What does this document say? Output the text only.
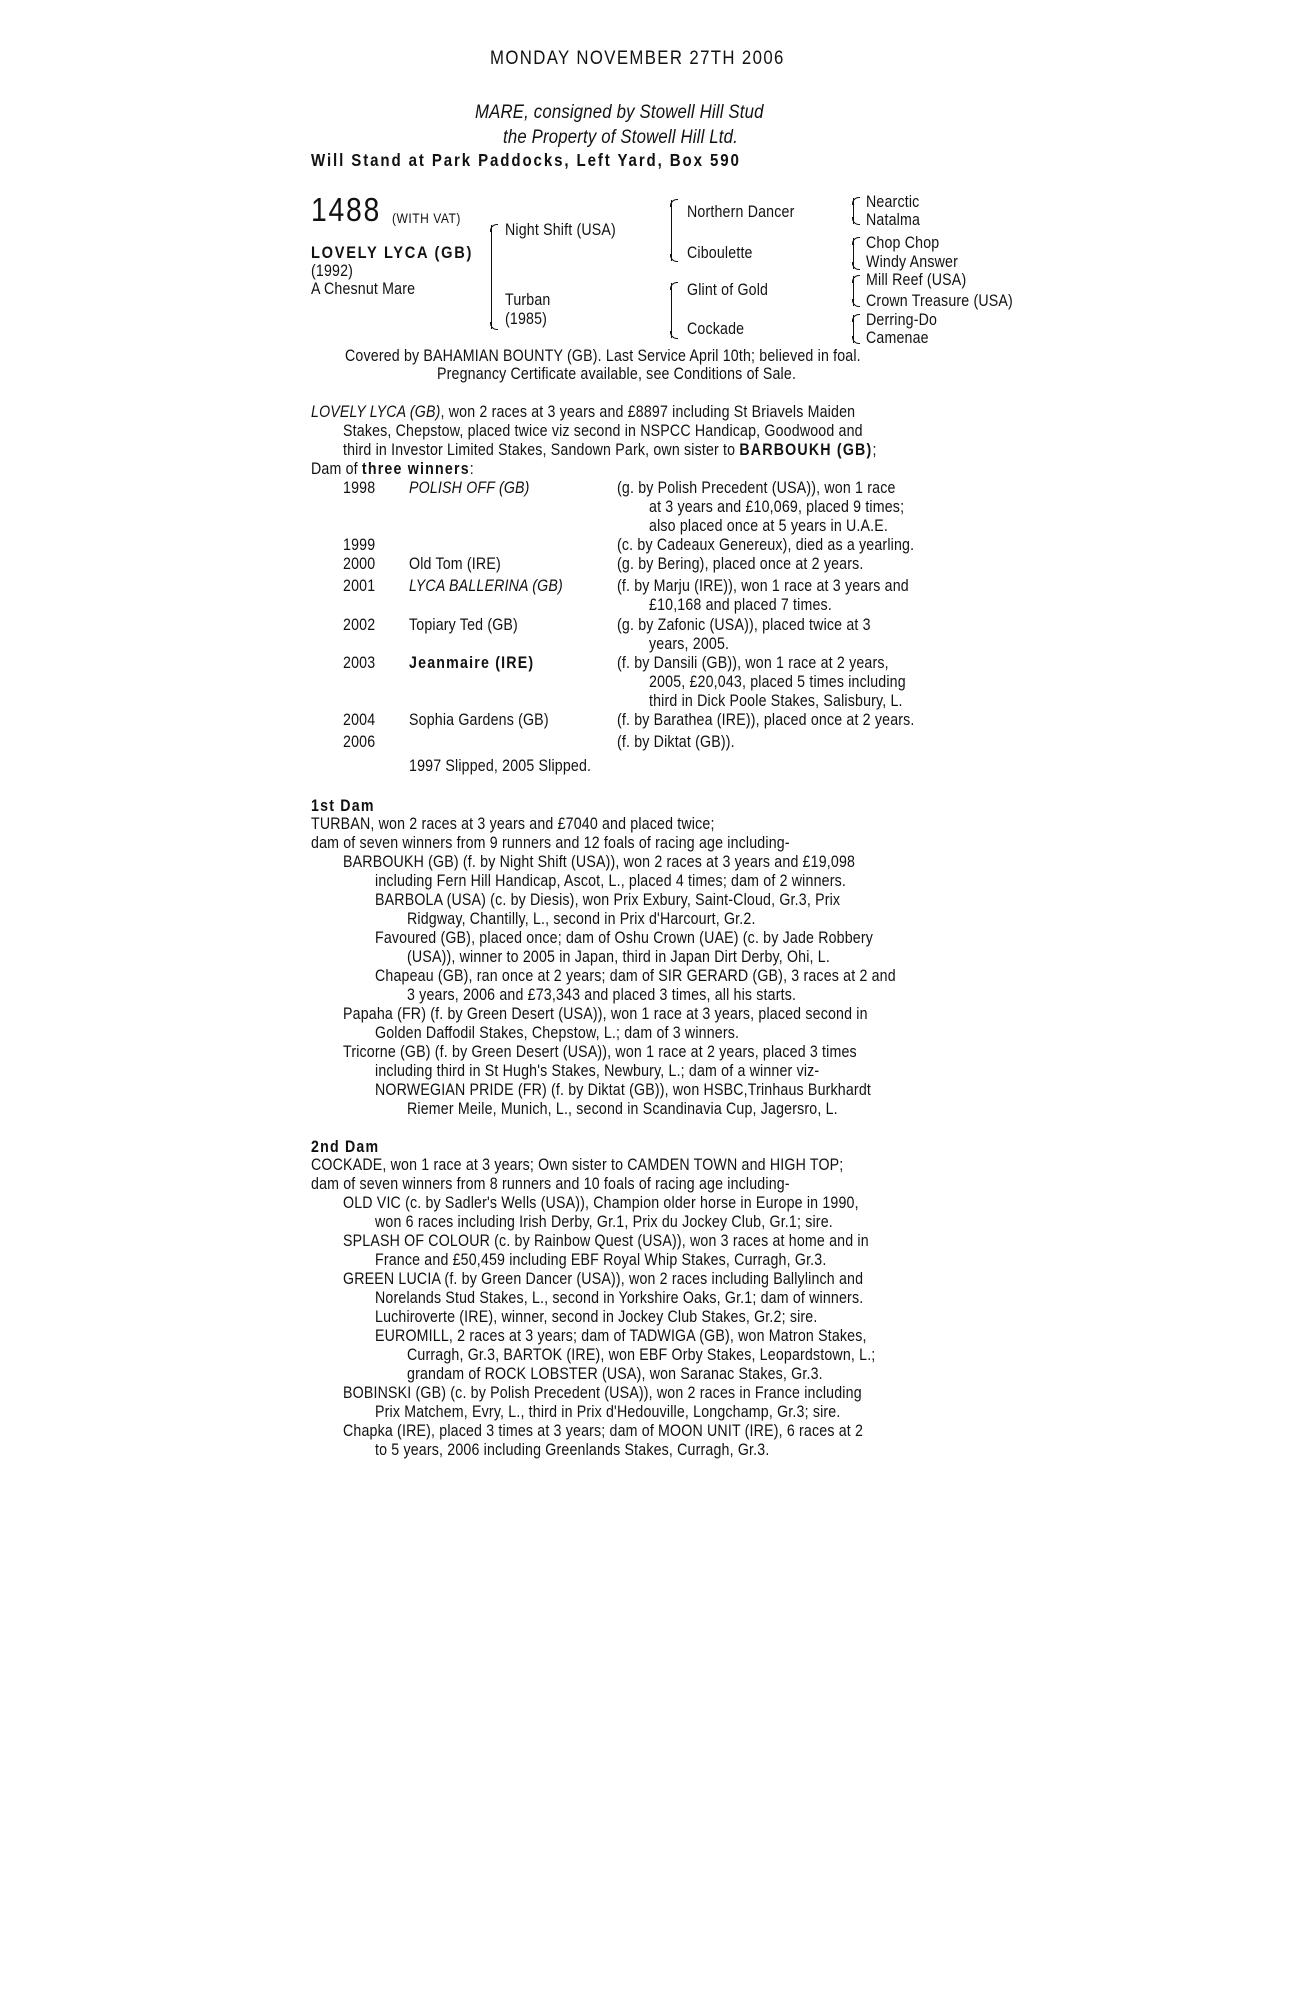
MONDAY NOVEMBER 27TH 2006
MARE, consigned by Stowell Hill Stud
the Property of Stowell Hill Ltd.
Will Stand at Park Paddocks, Left Yard, Box 590
1488 (WITH VAT)
LOVELY LYCA (GB)
(1992)
A Chesnut Mare
Night Shift (USA)
Turban
(1985)
Northern Dancer
Ciboulette
Glint of Gold
Cockade
Nearctic
Natalma
Chop Chop
Windy Answer
Mill Reef (USA)
Crown Treasure (USA)
Derring-Do
Camenae
Covered by BAHAMIAN BOUNTY (GB). Last Service April 10th; believed in foal.
Pregnancy Certificate available, see Conditions of Sale.
LOVELY LYCA (GB), won 2 races at 3 years and £8897 including St Briavels Maiden
Stakes, Chepstow, placed twice viz second in NSPCC Handicap, Goodwood and
third in Investor Limited Stakes, Sandown Park, own sister to BARBOUKH (GB);
Dam of three winners:
1998 POLISH OFF (GB)	(g. by Polish Precedent (USA)), won 1 race
at 3 years and £10,069, placed 9 times;
also placed once at 5 years in U.A.E.
1999	(c. by Cadeaux Genereux), died as a yearling.
2000 Old Tom (IRE)	(g. by Bering), placed once at 2 years.
2001 LYCA BALLERINA (GB)	(f. by Marju (IRE)), won 1 race at 3 years and
£10,168 and placed 7 times.
2002 Topiary Ted (GB)	(g. by Zafonic (USA)), placed twice at 3
years, 2005.
2003 Jeanmaire (IRE)	(f. by Dansili (GB)), won 1 race at 2 years,
2005, £20,043, placed 5 times including
third in Dick Poole Stakes, Salisbury, L.
2004 Sophia Gardens (GB)	(f. by Barathea (IRE)), placed once at 2 years.
2006	(f. by Diktat (GB)).
1997 Slipped, 2005 Slipped.
1st Dam
TURBAN, won 2 races at 3 years and £7040 and placed twice;
dam of seven winners from 9 runners and 12 foals of racing age including-
BARBOUKH (GB) (f. by Night Shift (USA)), won 2 races at 3 years and £19,098
including Fern Hill Handicap, Ascot, L., placed 4 times; dam of 2 winners.
BARBOLA (USA) (c. by Diesis), won Prix Exbury, Saint-Cloud, Gr.3, Prix
Ridgway, Chantilly, L., second in Prix d'Harcourt, Gr.2.
Favoured (GB), placed once; dam of Oshu Crown (UAE) (c. by Jade Robbery
(USA)), winner to 2005 in Japan, third in Japan Dirt Derby, Ohi, L.
Chapeau (GB), ran once at 2 years; dam of SIR GERARD (GB), 3 races at 2 and
3 years, 2006 and £73,343 and placed 3 times, all his starts.
Papaha (FR) (f. by Green Desert (USA)), won 1 race at 3 years, placed second in
Golden Daffodil Stakes, Chepstow, L.; dam of 3 winners.
Tricorne (GB) (f. by Green Desert (USA)), won 1 race at 2 years, placed 3 times
including third in St Hugh's Stakes, Newbury, L.; dam of a winner viz-
NORWEGIAN PRIDE (FR) (f. by Diktat (GB)), won HSBC,Trinhaus Burkhardt
Riemer Meile, Munich, L., second in Scandinavia Cup, Jagersro, L.
2nd Dam
COCKADE, won 1 race at 3 years; Own sister to CAMDEN TOWN and HIGH TOP;
dam of seven winners from 8 runners and 10 foals of racing age including-
OLD VIC (c. by Sadler's Wells (USA)), Champion older horse in Europe in 1990,
won 6 races including Irish Derby, Gr.1, Prix du Jockey Club, Gr.1; sire.
SPLASH OF COLOUR (c. by Rainbow Quest (USA)), won 3 races at home and in
France and £50,459 including EBF Royal Whip Stakes, Curragh, Gr.3.
GREEN LUCIA (f. by Green Dancer (USA)), won 2 races including Ballylinch and
Norelands Stud Stakes, L., second in Yorkshire Oaks, Gr.1; dam of winners.
Luchiroverte (IRE), winner, second in Jockey Club Stakes, Gr.2; sire.
EUROMILL, 2 races at 3 years; dam of TADWIGA (GB), won Matron Stakes,
Curragh, Gr.3, BARTOK (IRE), won EBF Orby Stakes, Leopardstown, L.;
grandam of ROCK LOBSTER (USA), won Saranac Stakes, Gr.3.
BOBINSKI (GB) (c. by Polish Precedent (USA)), won 2 races in France including
Prix Matchem, Evry, L., third in Prix d'Hedouville, Longchamp, Gr.3; sire.
Chapka (IRE), placed 3 times at 3 years; dam of MOON UNIT (IRE), 6 races at 2
to 5 years, 2006 including Greenlands Stakes, Curragh, Gr.3.
